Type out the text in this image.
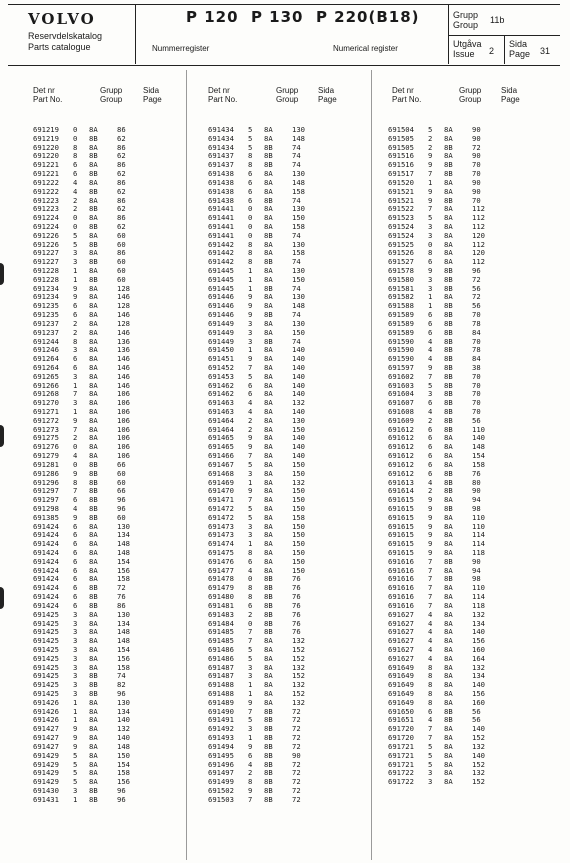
VOLVO
Reservdelskatalog
Parts catalogue
P 120  P 130  P 220(B18)
Nummerregister	Numerical register
Grupp
Group 11b
Utgåva
Issue	2
Sida
Page 31
Det nr
Part No.
Grupp
Group
Sida
Page
Det nr
Part No.
Grupp
Group
Sida
Page
Det nr
Part No.
Grupp
Group
Sida
Page
691219 0 8A	86
691219 0 8B	62
691220 8 8A	86
691220 8 8B	62
691221 6 8A	86
691221 6 8B	62
691222 4 8A	86
691222 4 8B	62
691223 2 8A	86
691223 2 8B	62
691224 0 8A	86
691224 0 8B	62
691226 5 8A	60
691226 5 8B	60
691227 3 8A	86
691227 3 8B	60
691228 1 8A	60
691228 1 8B	60
691234 9 8A	128
691234 9 8A	146
691235 6 8A	128
691235 6 8A	146
691237 2 8A	128
691237 2 8A	146
691244 8 8A	136
691246 3 8A	136
691264 6 8A	146
691264 6 8A	146
691265 3 8A	146
691266 1 8A	146
691268 7 8A	106
691270 3 8A	106
691271 1 8A	106
691272 9 8A	106
691273 7 8A	106
691275 2 8A	106
691276 0 8A	106
691279 4 8A	106
691281 0 8B	66
691286 9 8B	60
691296 8 8B	60
691297 7 8B	66
691297 6 8B	96
691298 4 8B	96
691385 9 8B	60
691424 6 8A	130
691424 6 8A	134
691424 6 8A	148
691424 6 8A	148
691424 6 8A	154
691424 6 8A	156
691424 6 8A	158
691424 6 8B	72
691424 6 8B	76
691424 6 8B	86
691425 3 8A	130
691425 3 8A	134
691425 3 8A	148
691425 3 8A	148
691425 3 8A	154
691425 3 8A	156
691425 3 8A	158
691425 3 8B	74
691425 3 8B	82
691425 3 8B	96
691426 1 8A	130
691426 1 8A	134
691426 1 8A	140
691427 9 8A	132
691427 9 8A	140
691427 9 8A	148
691429 5 8A	150
691429 5 8A	154
691429 5 8A	158
691429 5 8A	156
691430 3 8B	96
691431 1 8B	96
691434 5 8A	130
691434 5 8A	148
691434 5 8B	74
691437 8 8B	74
691437 8 8B	74
691438 6 8A	130
691438 6 8A	148
691438 6 8A	158
691438 6 8B	74
691441 0 8A	130
691441 0 8A	150
691441 0 8A	158
691441 0 8B	74
691442 8 8A	130
691442 8 8A	158
691442 8 8B	74
691445 1 8A	130
691445 1 8A	150
691445 1 8B	74
691446 9 8A	130
691446 9 8A	148
691446 9 8B	74
691449 3 8A	130
691449 3 8A	150
691449 3 8B	74
691450 1 8A	140
691451 9 8A	140
691452 7 8A	140
691453 5 8A	140
691462 6 8A	140
691462 6 8A	140
691463 4 8A	132
691463 4 8A	140
691464 2 8A	130
691464 2 8A	150
691465 9 8A	140
691465 9 8A	140
691466 7 8A	140
691467 5 8A	150
691468 3 8A	150
691469 1 8A	132
691470 9 8A	150
691471 7 8A	150
691472 5 8A	150
691472 5 8A	158
691473 3 8A	150
691473 3 8A	150
691474 1 8A	150
691475 8 8A	150
691476 6 8A	150
691477 4 8A	150
691478 0 8B	76
691479 8 8B	76
691480 8 8B	76
691481 6 8B	76
691483 2 8B	76
691484 0 8B	76
691485 7 8B	76
691485 7 8A	132
691486 5 8A	152
691486 5 8A	152
691487 3 8A	132
691487 3 8A	152
691488 1 8A	132
691488 1 8A	152
691489 9 8A	132
691490 7 8B	72
691491 5 8B	72
691492 3 8B	72
691493 1 8B	72
691494 9 8B	72
691495 6 8B	90
691496 4 8B	72
691497 2 8B	72
691499 8 8B	72
691502 9 8B	72
691503 7 8B	72
691504 5 8A	90
691505 2 8A	90
691505 2 8B	72
691516 9 8A	90
691516 9 8B	70
691517 7 8B	70
691520 1 8A	90
691521 9 8A	90
691521 9 8B	70
691522 7 8A	112
691523 5 8A	112
691524 3 8A	112
691524 3 8A	120
691525 0 8A	112
691526 8 8A	120
691527 6 8A	112
691578 9 8B	96
691580 3 8B	72
691581 3 8B	56
691582 1 8A	72
691588 1 8B	56
691589 6 8B	70
691589 6 8B	78
691589 6 8B	84
691590 4 8B	70
691590 4 8B	78
691590 4 8B	84
691597 9 8B	38
691602 7 8B	70
691603 5 8B	70
691604 3 8B	70
691607 6 8B	70
691608 4 8B	70
691609 2 8B	56
691612 6 8B	110
691612 6 8A	140
691612 6 8A	148
691612 6 8A	154
691612 6 8A	158
691612 6 8B	76
691613 4 8B	80
691614 2 8B	90
691615 9 8A	94
691615 9 8B	98
691615 9 8A	110
691615 9 8A	110
691615 9 8A	114
691615 9 8A	114
691615 9 8A	118
691616 7 8B	90
691616 7 8A	94
691616 7 8B	98
691616 7 8A	110
691616 7 8A	114
691616 7 8A	118
691627 4 8A	132
691627 4 8A	134
691627 4 8A	140
691627 4 8A	156
691627 4 8A	160
691627 4 8A	164
691649 8 8A	132
691649 8 8A	134
691649 8 8A	140
691649 8 8A	156
691649 8 8A	160
691650 6 8B	56
691651 4 8B	56
691720 7 8A	140
691720 7 8A	152
691721 5 8A	132
691721 5 8A	140
691721 5 8A	152
691722 3 8A	132
691722 3 8A	152
